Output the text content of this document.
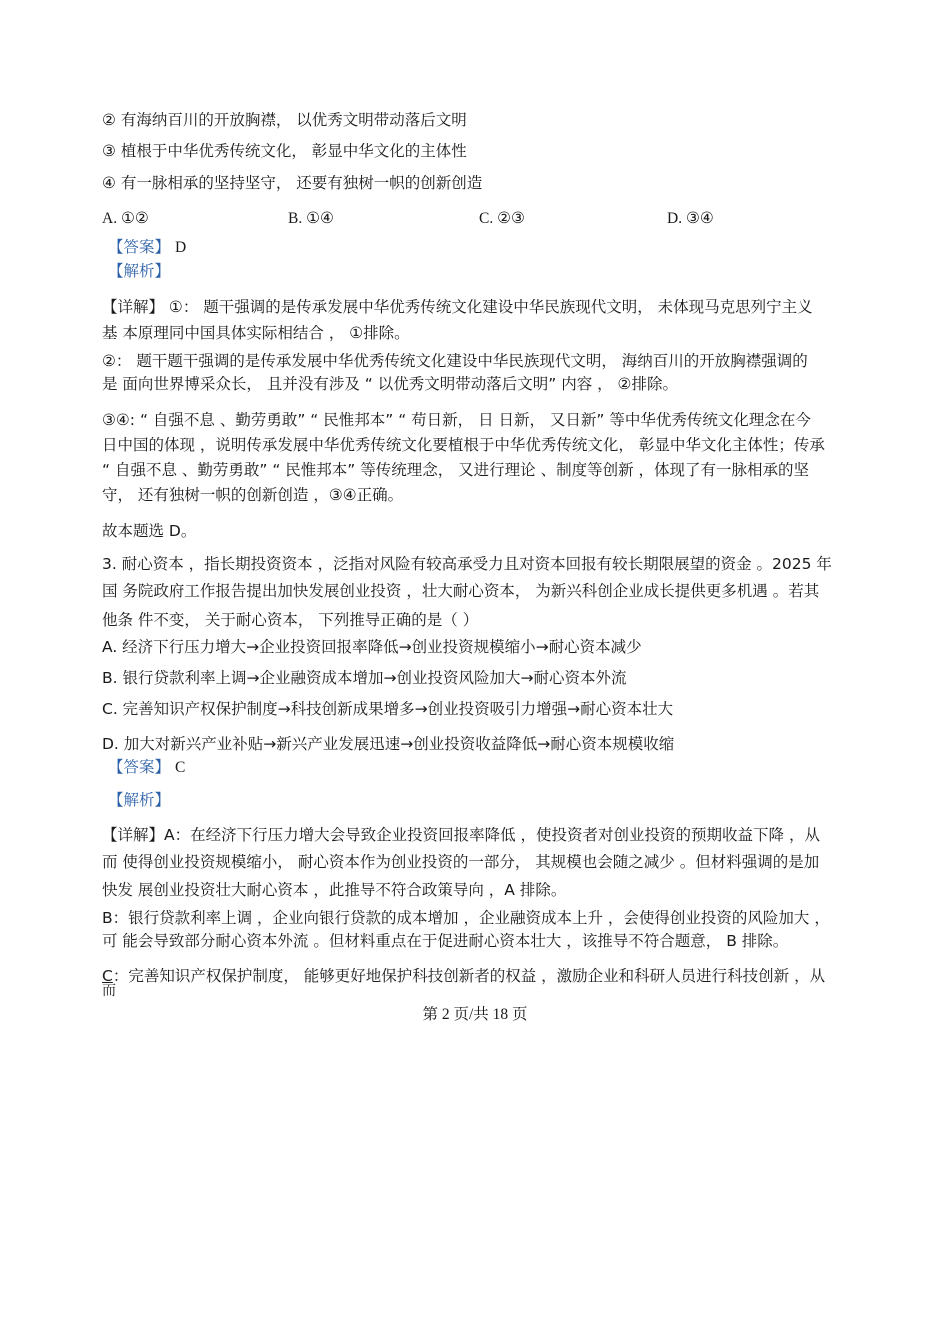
② 有海纳百川的开放胸襟， 以优秀文明带动落后文明
③ 植根于中华优秀传统文化， 彰显中华文化的主体性
④ 有一脉相承的坚持坚守， 还要有独树一帜的创新创造
A. ①②	B. ①④	C. ②③	D. ③④
【答案】 D
【解析】
【详解】 ①： 题干强调的是传承发展中华优秀传统文化建设中华民族现代文明， 未体现马克思列宁主义
基 本原理同中国具体实际相结合 ， ①排除。
②： 题干题干强调的是传承发展中华优秀传统文化建设中华民族现代文明， 海纳百川的开放胸襟强调的
是 面向世界博采众长， 且并没有涉及 “ 以优秀文明带动落后文明” 内容 ， ②排除。
③④: “ 自强不息 、勤劳勇敢” “ 民惟邦本” “ 苟日新， 日 日新， 又日新” 等中华优秀传统文化理念在今
日中国的体现 ，说明传承发展中华优秀传统文化要植根于中华优秀传统文化， 彰显中华文化主体性；传承
“ 自强不息 、勤劳勇敢” “ 民惟邦本” 等传统理念， 又进行理论 、制度等创新 ，体现了有一脉相承的坚
守， 还有独树一帜的创新创造 ，③④正确。
故本题选 D。
3. 耐心资本 ，指长期投资资本 ，泛指对风险有较高承受力且对资本回报有较长期限展望的资金 。2025 年
国 务院政府工作报告提出加快发展创业投资 ，壮大耐心资本， 为新兴科创企业成长提供更多机遇 。若其
他条 件不变， 关于耐心资本， 下列推导正确的是（ ）
A. 经济下行压力增大→企业投资回报率降低→创业投资规模缩小→耐心资本减少
B. 银行贷款利率上调→企业融资成本增加→创业投资风险加大→耐心资本外流
C. 完善知识产权保护制度→科技创新成果增多→创业投资吸引力增强→耐心资本壮大
D. 加大对新兴产业补贴→新兴产业发展迅速→创业投资收益降低→耐心资本规模收缩
【答案】 C
【解析】
【详解】A：在经济下行压力增大会导致企业投资回报率降低 ，使投资者对创业投资的预期收益下降 ，从
而 使得创业投资规模缩小， 耐心资本作为创业投资的一部分， 其规模也会随之减少 。但材料强调的是加
快发 展创业投资壮大耐心资本 ，此推导不符合政策导向 ，A 排除。
B：银行贷款利率上调 ，企业向银行贷款的成本增加 ，企业融资成本上升 ，会使得创业投资的风险加大 ，
可 能会导致部分耐心资本外流 。但材料重点在于促进耐心资本壮大 ，该推导不符合题意， B 排除。
C：完善知识产权保护制度， 能够更好地保护科技创新者的权益 ，激励企业和科研人员进行科技创新 ，从
而
第 2 页/共 18 页
